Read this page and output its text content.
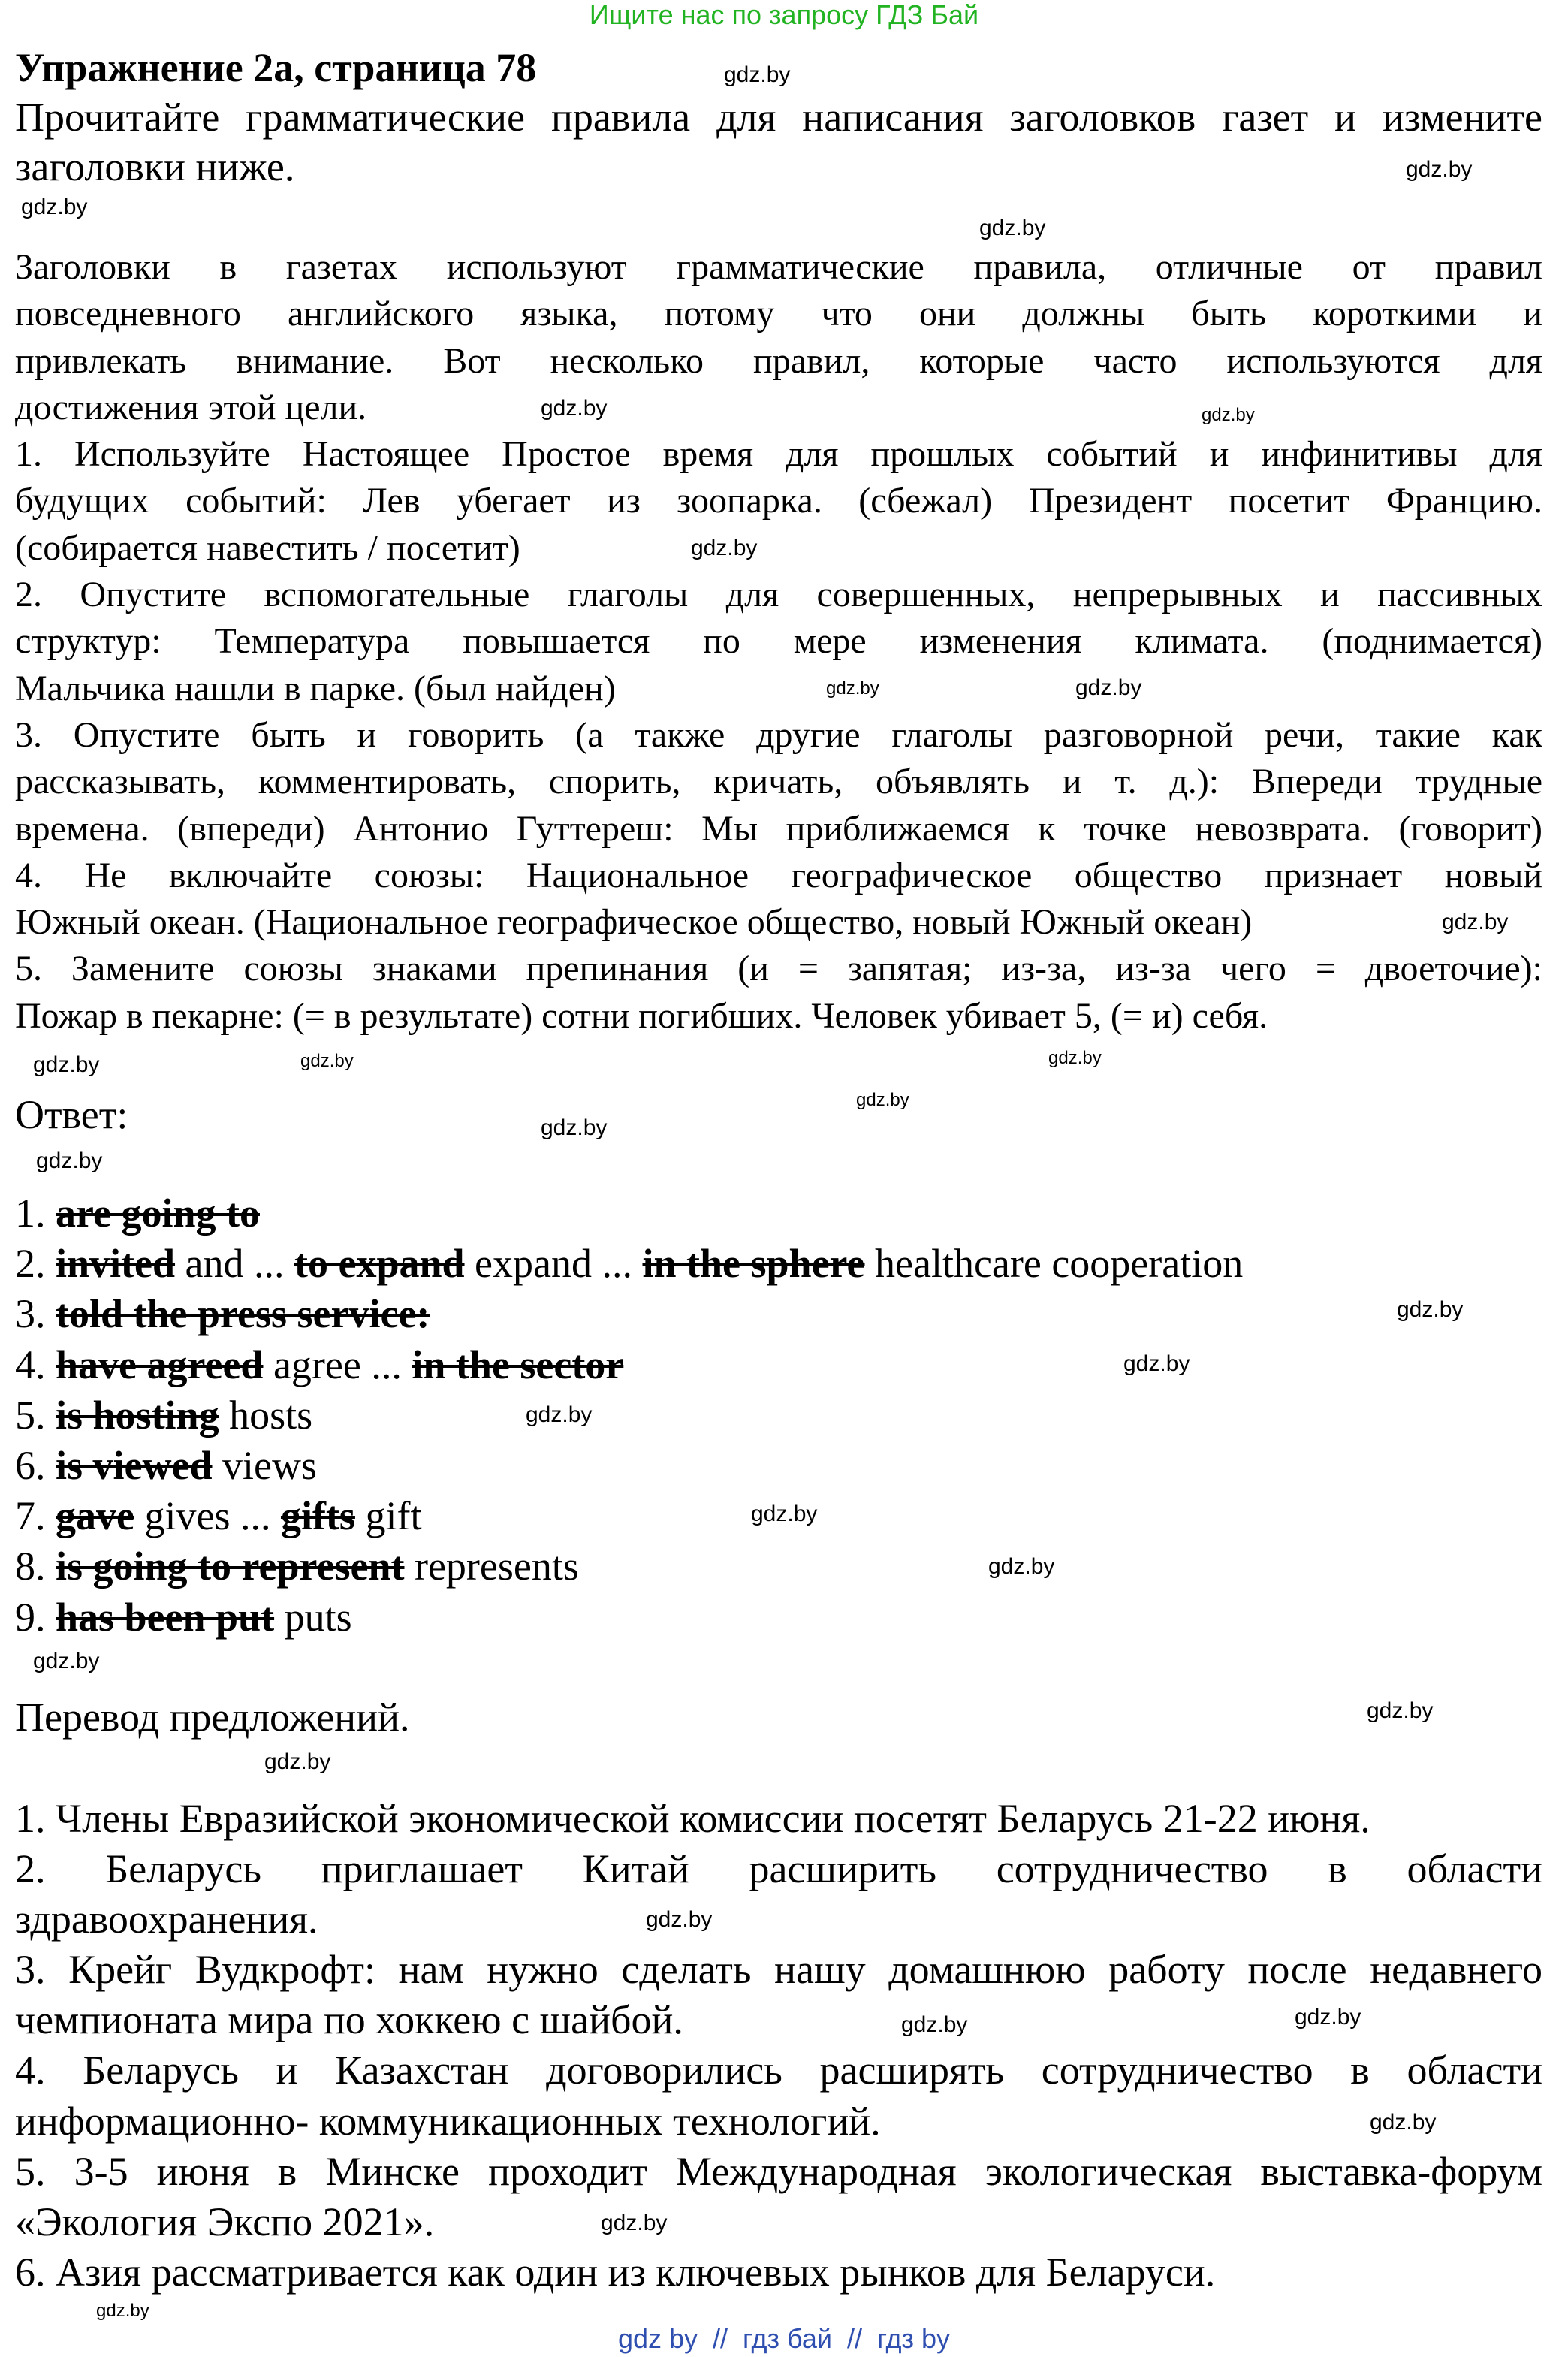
Ищите нас по запросу ГДЗ Бай
Упражнение 2a, страница 78
Прочитайте грамматические правила для написания заголовков газет и измените
заголовки ниже.
Заголовки в газетах используют грамматические правила, отличные от правил
повседневного английского языка, потому что они должны быть короткими и
привлекать внимание. Вот несколько правил, которые часто используются для
достижения этой цели.
1. Используйте Настоящее Простое время для прошлых событий и инфинитивы для
будущих событий: Лев убегает из зоопарка. (сбежал) Президент посетит Францию.
(собирается навестить / посетит)
2. Опустите вспомогательные глаголы для совершенных, непрерывных и пассивных
структур: Температура повышается по мере изменения климата. (поднимается)
Мальчика нашли в парке. (был найден)
3. Опустите быть и говорить (а также другие глаголы разговорной речи, такие как
рассказывать, комментировать, спорить, кричать, объявлять и т. д.): Впереди трудные
времена. (впереди) Антонио Гуттереш: Мы приближаемся к точке невозврата. (говорит)
4. Не включайте союзы: Национальное географическое общество признает новый
Южный океан. (Национальное географическое общество, новый Южный океан)
5. Замените союзы знаками препинания (и = запятая; из-за, из-за чего = двоеточие):
Пожар в пекарне: (= в результате) сотни погибших. Человек убивает 5, (= и) себя.
Ответ:
1. are going to
2. invited and ... to expand expand ... in the sphere healthcare cooperation
3. told the press service:
4. have agreed agree ... in the sector
5. is hosting hosts
6. is viewed views
7. gave gives ... gifts gift
8. is going to represent represents
9. has been put puts
Перевод предложений.
1. Члены Евразийской экономической комиссии посетят Беларусь 21-22 июня.
2. Беларусь приглашает Китай расширить сотрудничество в области
здравоохранения.
3. Крейг Вудкрофт: нам нужно сделать нашу домашнюю работу после недавнего
чемпионата мира по хоккею с шайбой.
4. Беларусь и Казахстан договорились расширять сотрудничество в области
информационно- коммуникационных технологий.
5. 3-5 июня в Минске проходит Международная экологическая выставка-форум
«Экология Экспо 2021».
6. Азия рассматривается как один из ключевых рынков для Беларуси.
gdz.by
gdz.by
gdz.by
gdz.by
gdz.by	gdz.by
gdz.by
gdz.by	gdz.by
gdz.by	gdz.by
gdz.by
gdz.by
gdz.by
gdz.by
gdz.by
gdz.by
gdz.by
gdz.by
gdz.by
gdz.by
gdz.by
gdz.by
gdz.by
gdz.by
gdz.by
gdz.by
gdz.by
gdz.by
gdz.by
gdz by  //  гдз бай  //  гдз by
